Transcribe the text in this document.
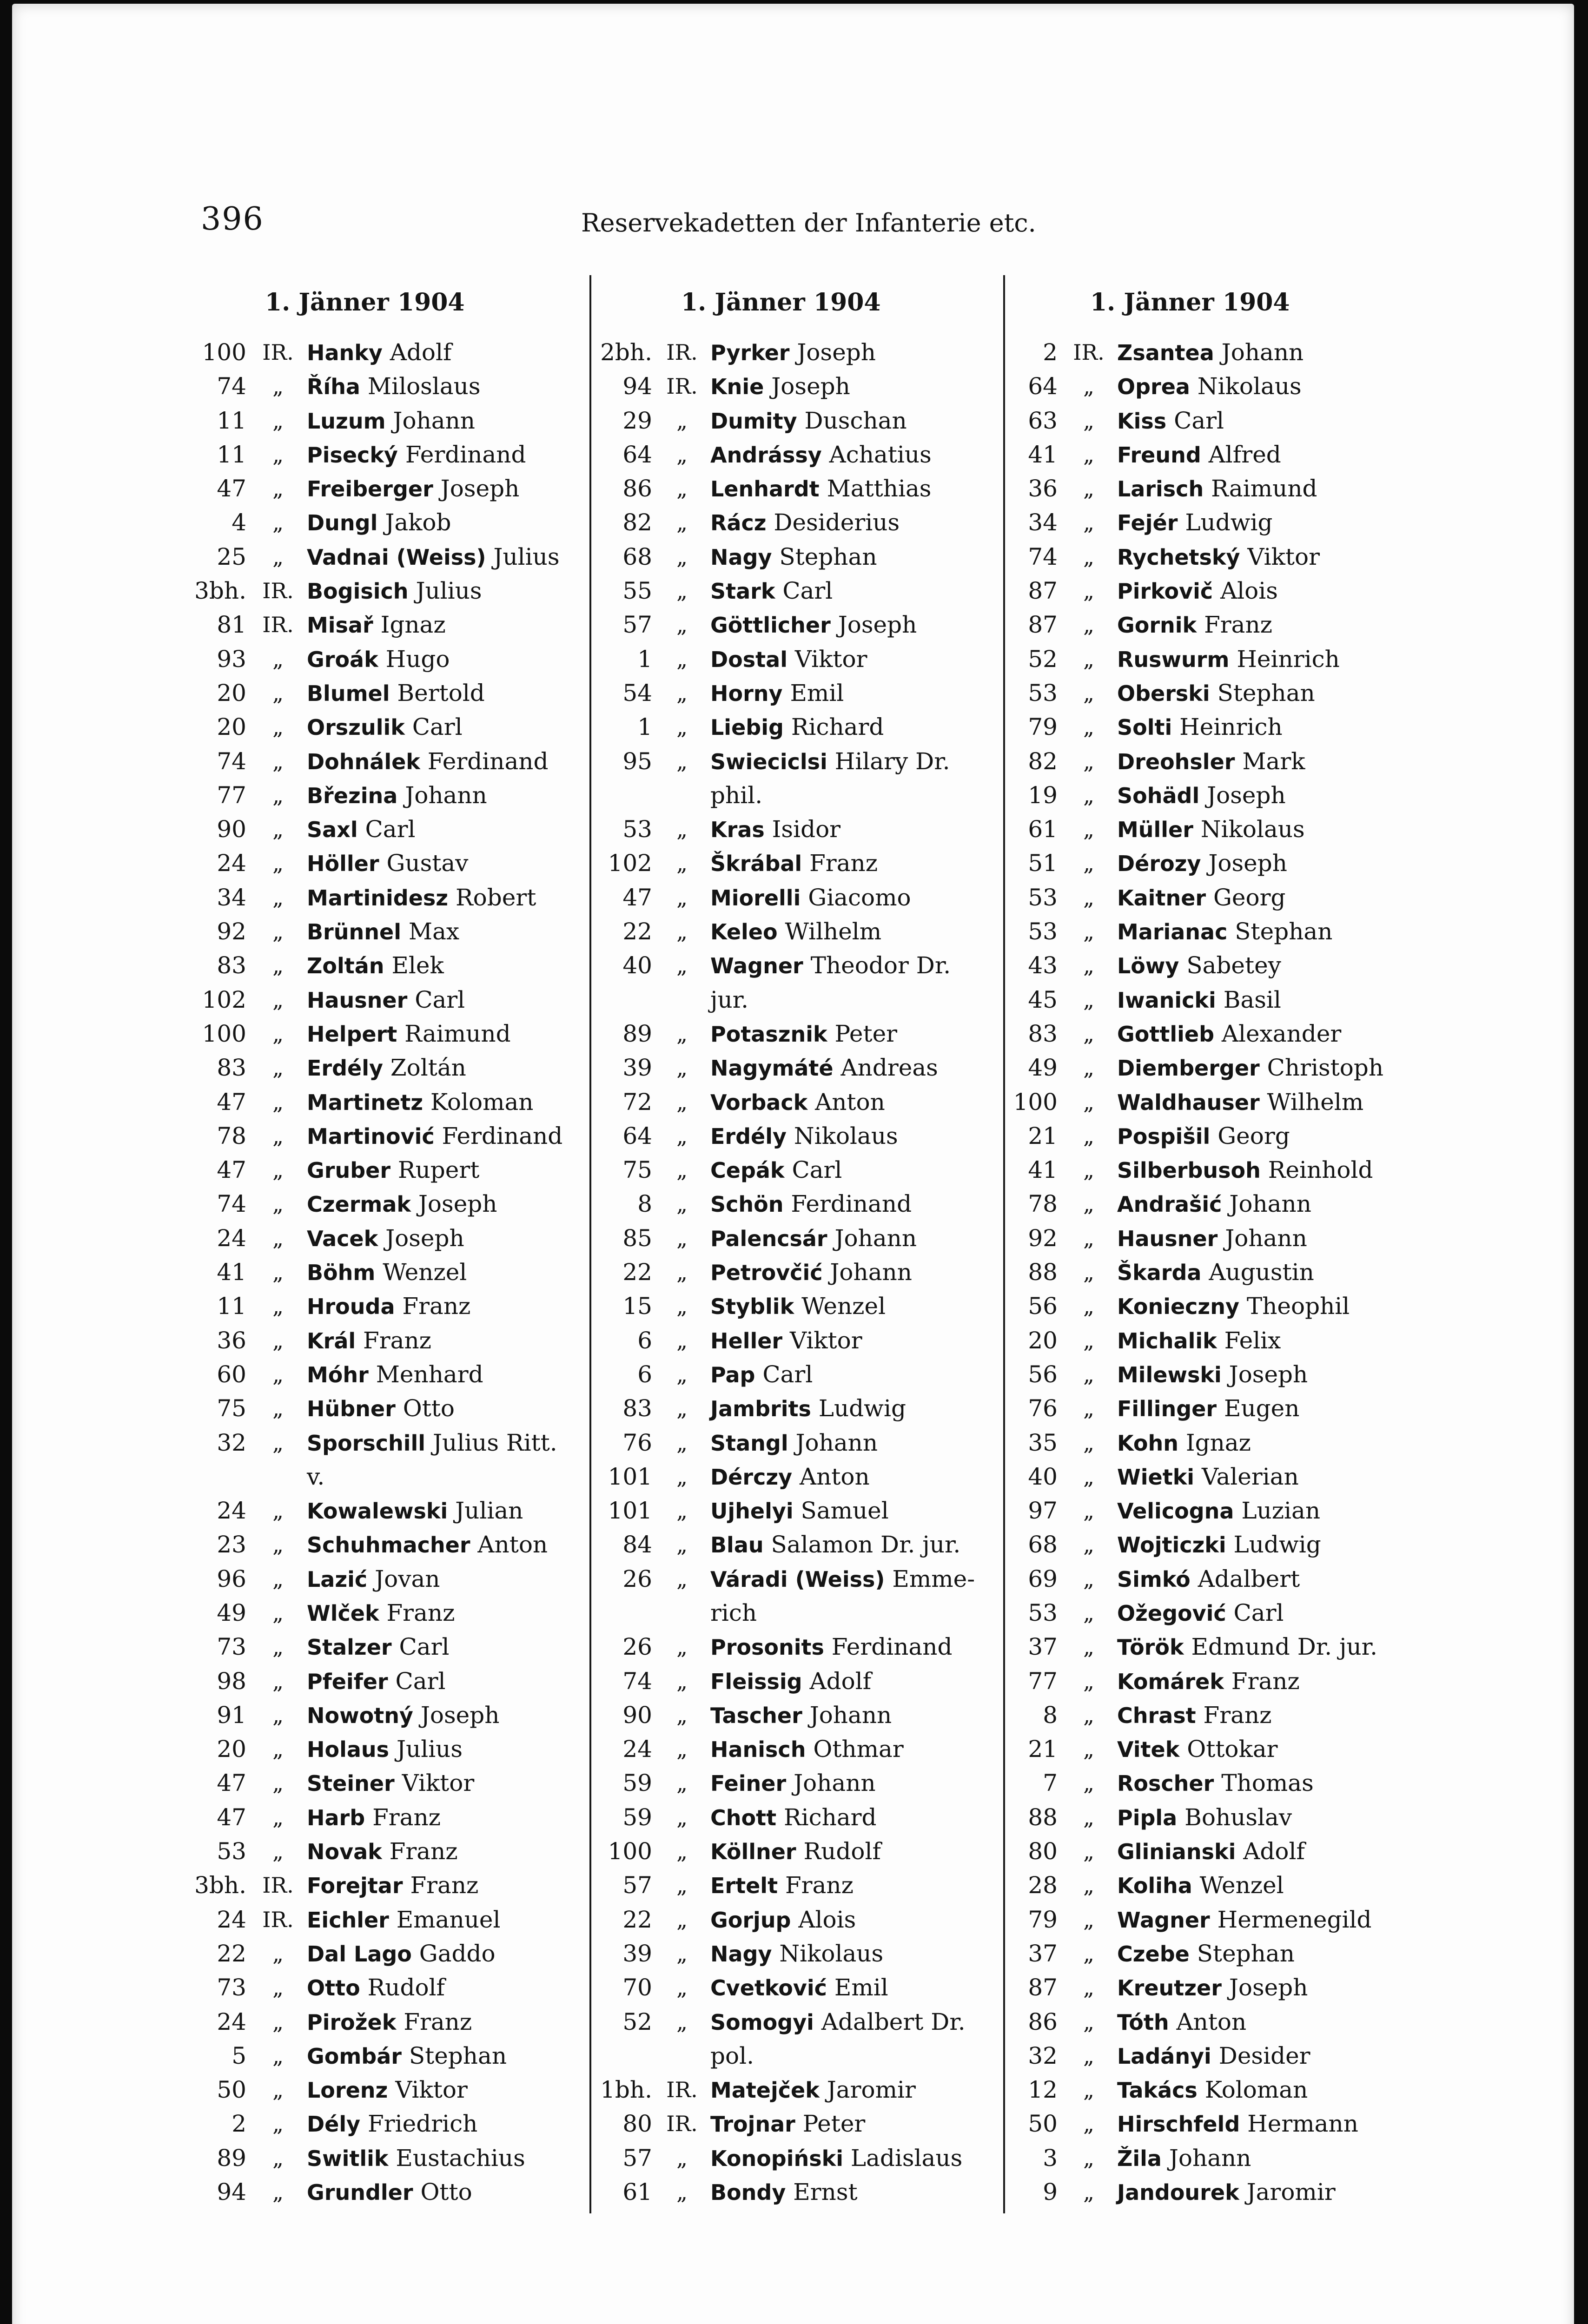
396	Reservekadetten der Infanterie etc.
1. Jänner 1904
100 IR. Hanky Adolf
74	„	Říha Miloslaus
11	„	Luzum Johann
11	„	Pisecký Ferdinand
47	„	Freiberger Joseph
4	„	Dungl Jakob
25	„	Vadnai (Weiss) Julius
3bh. IR. Bogisich Julius
81 IR. Misař Ignaz
93	„	Groák Hugo
20	„	Blumel Bertold
20	„	Orszulik Carl
74	„	Dohnálek Ferdinand
77	„	Březina Johann
90	„	Saxl Carl
24	„	Höller Gustav
34	„	Martinidesz Robert
92	„	Brünnel Max
83	„	Zoltán Elek
102	„	Hausner Carl
100	„	Helpert Raimund
83	„	Erdély Zoltán
47	„	Martinetz Koloman
78	„	Martinović Ferdinand
47	„	Gruber Rupert
74	„	Czermak Joseph
24	„	Vacek Joseph
41	„	Böhm Wenzel
11	„	Hrouda Franz
36	„	Král Franz
60	„	Móhr Menhard
75	„	Hübner Otto
32	„	Sporschill Julius Ritt.
v.
24	„	Kowalewski Julian
23	„	Schuhmacher Anton
96	„	Lazić Jovan
49	„	Wlček Franz
73	„	Stalzer Carl
98	„	Pfeifer Carl
91	„	Nowotný Joseph
20	„	Holaus Julius
47	„	Steiner Viktor
47	„	Harb Franz
53	„	Novak Franz
3bh. IR. Forejtar Franz
24 IR. Eichler Emanuel
22	„	Dal Lago Gaddo
73	„	Otto Rudolf
24	„	Pirožek Franz
5	„	Gombár Stephan
50	„	Lorenz Viktor
2	„	Dély Friedrich
89	„	Switlik Eustachius
94	„	Grundler Otto
1. Jänner 1904
2bh. IR. Pyrker Joseph
94 IR. Knie Joseph
29	„	Dumity Duschan
64	„	Andrássy Achatius
86	„	Lenhardt Matthias
82	„	Rácz Desiderius
68	„	Nagy Stephan
55	„	Stark Carl
57	„	Göttlicher Joseph
1	„	Dostal Viktor
54	„	Horny Emil
1	„	Liebig Richard
95	„	Swieciclsi Hilary Dr.
phil.
53	„	Kras Isidor
102	„	Škrábal Franz
47	„	Miorelli Giacomo
22	„	Keleo Wilhelm
40	„	Wagner Theodor Dr.
jur.
89	„	Potasznik Peter
39	„	Nagymáté Andreas
72	„	Vorback Anton
64	„	Erdély Nikolaus
75	„	Cepák Carl
8	„	Schön Ferdinand
85	„	Palencsár Johann
22	„	Petrovčić Johann
15	„	Styblik Wenzel
6	„	Heller Viktor
6	„	Pap Carl
83	„	Jambrits Ludwig
76	„	Stangl Johann
101	„	Dérczy Anton
101	„	Ujhelyi Samuel
84	„	Blau Salamon Dr. jur.
26	„	Váradi (Weiss) Emme-
rich
26	„	Prosonits Ferdinand
74	„	Fleissig Adolf
90	„	Tascher Johann
24	„	Hanisch Othmar
59	„	Feiner Johann
59	„	Chott Richard
100	„	Köllner Rudolf
57	„	Ertelt Franz
22	„	Gorjup Alois
39	„	Nagy Nikolaus
70	„	Cvetković Emil
52	„	Somogyi Adalbert Dr.
pol.
1bh. IR. Matejček Jaromir
80 IR. Trojnar Peter
57	„	Konopiński Ladislaus
61	„	Bondy Ernst
1. Jänner 1904
2 IR. Zsantea Johann
64	„	Oprea Nikolaus
63	„	Kiss Carl
41	„	Freund Alfred
36	„	Larisch Raimund
34	„	Fejér Ludwig
74	„	Rychetský Viktor
87	„	Pirkovič Alois
87	„	Gornik Franz
52	„	Ruswurm Heinrich
53	„	Oberski Stephan
79	„	Solti Heinrich
82	„	Dreohsler Mark
19	„	Sohädl Joseph
61	„	Müller Nikolaus
51	„	Dérozy Joseph
53	„	Kaitner Georg
53	„	Marianac Stephan
43	„	Löwy Sabetey
45	„	Iwanicki Basil
83	„	Gottlieb Alexander
49	„	Diemberger Christoph
100	„	Waldhauser Wilhelm
21	„	Pospišil Georg
41	„	Silberbusoh Reinhold
78	„	Andrašić Johann
92	„	Hausner Johann
88	„	Škarda Augustin
56	„	Konieczny Theophil
20	„	Michalik Felix
56	„	Milewski Joseph
76	„	Fillinger Eugen
35	„	Kohn Ignaz
40	„	Wietki Valerian
97	„	Velicogna Luzian
68	„	Wojticzki Ludwig
69	„	Simkó Adalbert
53	„	Ožegović Carl
37	„	Török Edmund Dr. jur.
77	„	Komárek Franz
8	„	Chrast Franz
21	„	Vitek Ottokar
7	„	Roscher Thomas
88	„	Pipla Bohuslav
80	„	Glinianski Adolf
28	„	Koliha Wenzel
79	„	Wagner Hermenegild
37	„	Czebe Stephan
87	„	Kreutzer Joseph
86	„	Tóth Anton
32	„	Ladányi Desider
12	„	Takács Koloman
50	„	Hirschfeld Hermann
3	„	Žila Johann
9	„	Jandourek Jaromir
